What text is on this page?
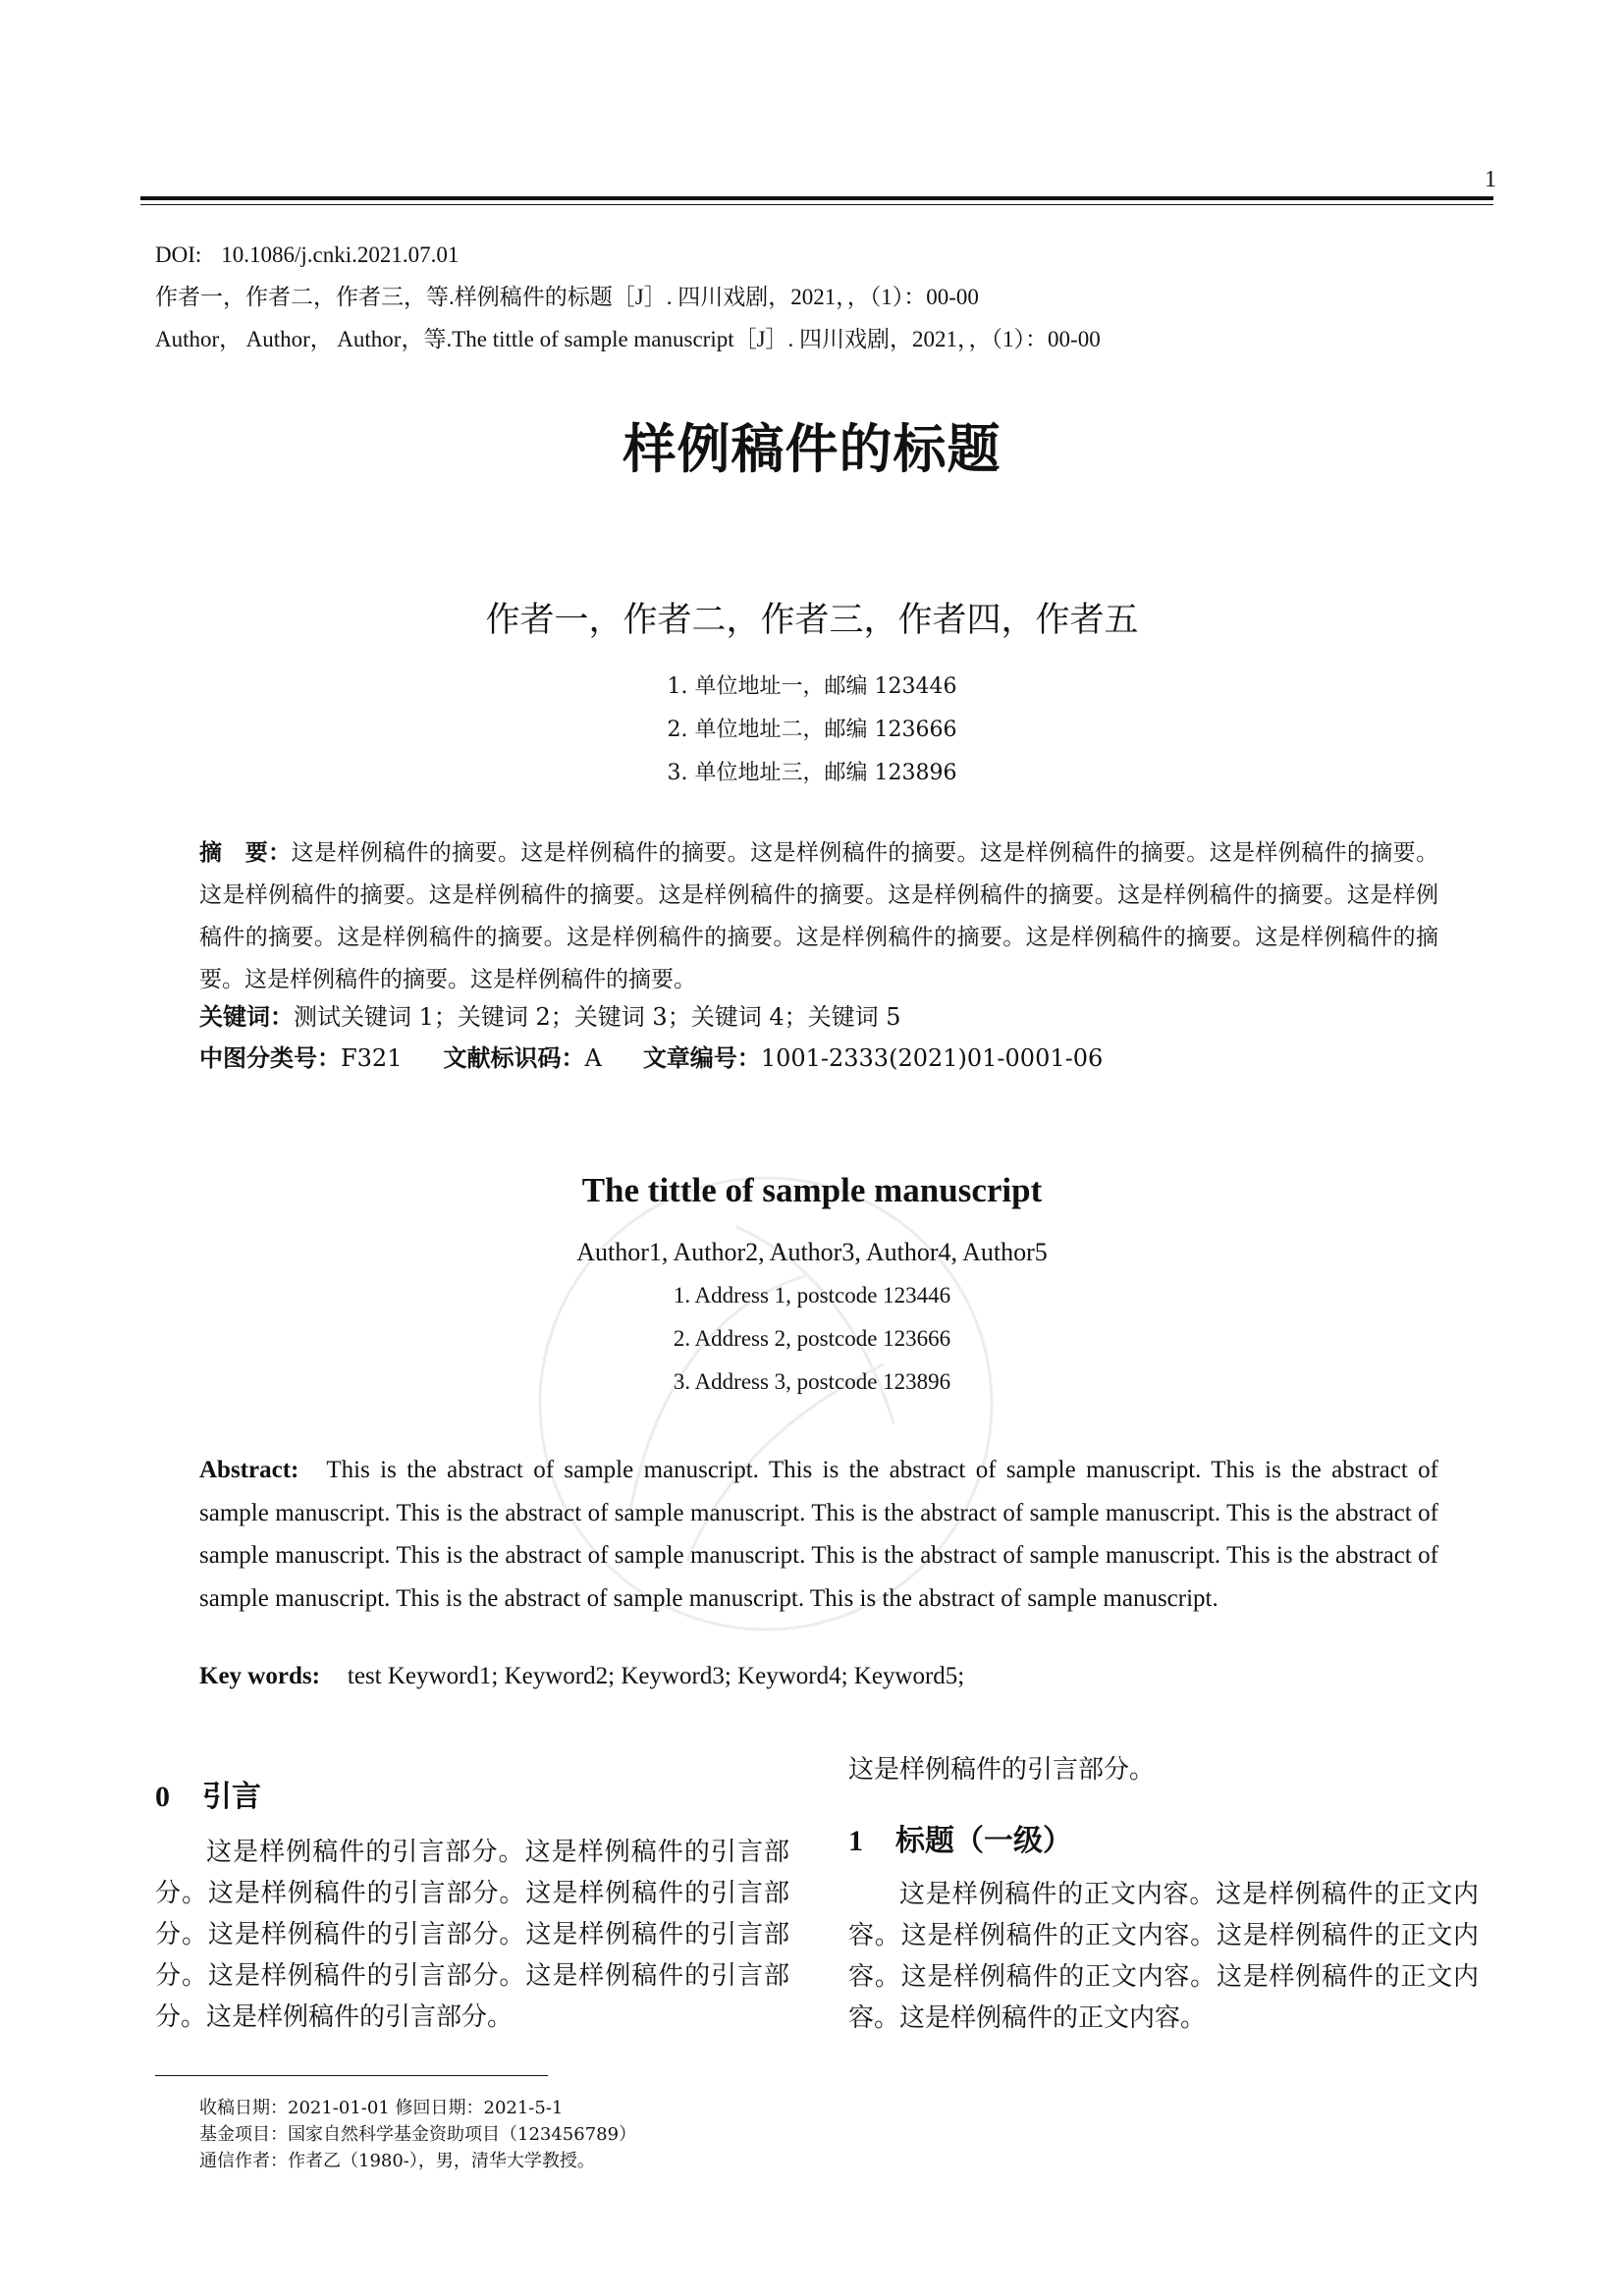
1
DOI: 10.1086/j.cnki.2021.07.01
作者一，作者二，作者三，等.样例稿件的标题［J］. 四川戏剧，2021，，（1）：00-00
Author， Author， Author，等.The tittle of sample manuscript［J］. 四川戏剧，2021，，（1）：00-00
样例稿件的标题
作者一，作者二，作者三，作者四，作者五
1. 单位地址一，邮编 123446
2. 单位地址二，邮编 123666
3. 单位地址三，邮编 123896
摘　要：这是样例稿件的摘要。这是样例稿件的摘要。这是样例稿件的摘要。这是样例稿件的摘要。这是样例稿件的摘要。这是样例稿件的摘要。这是样例稿件的摘要。这是样例稿件的摘要。这是样例稿件的摘要。这是样例稿件的摘要。这是样例稿件的摘要。这是样例稿件的摘要。这是样例稿件的摘要。这是样例稿件的摘要。这是样例稿件的摘要。这是样例稿件的摘要。这是样例稿件的摘要。这是样例稿件的摘要。
关键词：测试关键词 1；关键词 2；关键词 3；关键词 4；关键词 5
中图分类号：F321 文献标识码：A 文章编号：1001-2333(2021)01-0001-06
The tittle of sample manuscript
Author1, Author2, Author3, Author4, Author5
1. Address 1, postcode 123446
2. Address 2, postcode 123666
3. Address 3, postcode 123896
Abstract: This is the abstract of sample manuscript. This is the abstract of sample manuscript. This is the abstract of sample manuscript. This is the abstract of sample manuscript. This is the abstract of sample manuscript. This is the abstract of sample manuscript. This is the abstract of sample manuscript. This is the abstract of sample manuscript. This is the abstract of sample manuscript. This is the abstract of sample manuscript. This is the abstract of sample manuscript.
Key words: test Keyword1; Keyword2; Keyword3; Keyword4; Keyword5;
0 引言
这是样例稿件的引言部分。这是样例稿件的引言部分。这是样例稿件的引言部分。这是样例稿件的引言部分。这是样例稿件的引言部分。这是样例稿件的引言部分。这是样例稿件的引言部分。这是样例稿件的引言部分。这是样例稿件的引言部分。
这是样例稿件的引言部分。
1 标题（一级）
这是样例稿件的正文内容。这是样例稿件的正文内容。这是样例稿件的正文内容。这是样例稿件的正文内容。这是样例稿件的正文内容。这是样例稿件的正文内容。这是样例稿件的正文内容。
收稿日期：2021-01-01 修回日期：2021-5-1
基金项目：国家自然科学基金资助项目（123456789）
通信作者：作者乙（1980-），男，清华大学教授。
